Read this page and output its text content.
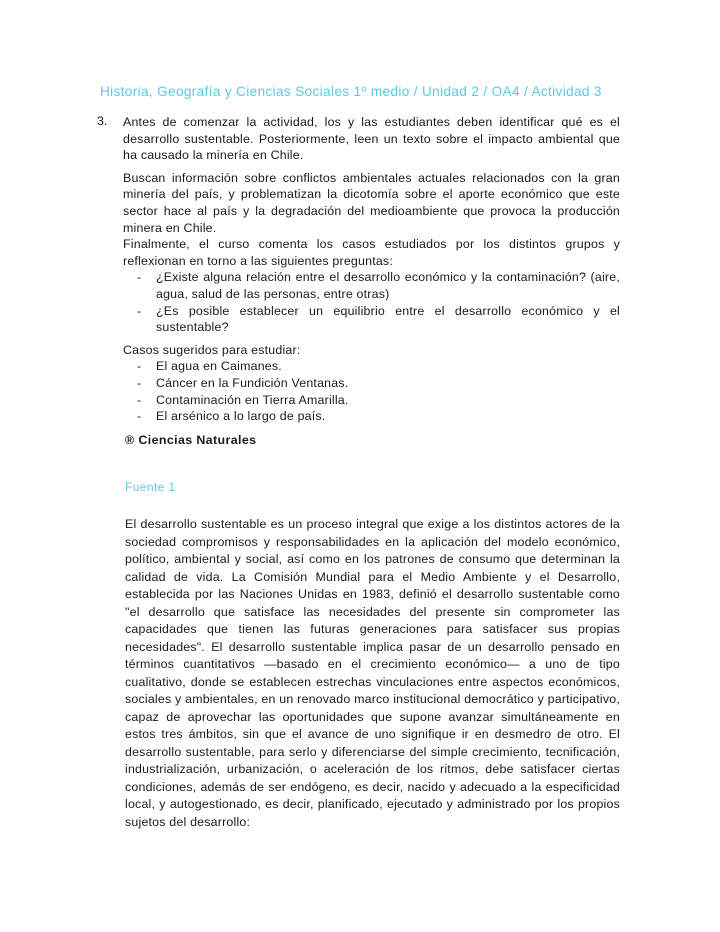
Historia, Geografía y Ciencias Sociales 1º medio / Unidad 2 / OA4 / Actividad 3
3. Antes de comenzar la actividad, los y las estudiantes deben identificar qué es el desarrollo sustentable. Posteriormente, leen un texto sobre el impacto ambiental que ha causado la minería en Chile.

Buscan información sobre conflictos ambientales actuales relacionados con la gran minería del país, y problematizan la dicotomía sobre el aporte económico que este sector hace al país y la degradación del medioambiente que provoca la producción minera en Chile.

Finalmente, el curso comenta los casos estudiados por los distintos grupos y reflexionan en torno a las siguientes preguntas:

- ¿Existe alguna relación entre el desarrollo económico y la contaminación? (aire, agua, salud de las personas, entre otras)
- ¿Es posible establecer un equilibrio entre el desarrollo económico y el sustentable?

Casos sugeridos para estudiar:

- El agua en Caimanes.
- Cáncer en la Fundición Ventanas.
- Contaminación en Tierra Amarilla.
- El arsénico a lo largo de país.
® Ciencias Naturales
Fuente 1

El desarrollo sustentable es un proceso integral que exige a los distintos actores de la sociedad compromisos y responsabilidades en la aplicación del modelo económico, político, ambiental y social, así como en los patrones de consumo que determinan la calidad de vida. La Comisión Mundial para el Medio Ambiente y el Desarrollo, establecida por las Naciones Unidas en 1983, definió el desarrollo sustentable como "el desarrollo que satisface las necesidades del presente sin comprometer las capacidades que tienen las futuras generaciones para satisfacer sus propias necesidades". El desarrollo sustentable implica pasar de un desarrollo pensado en términos cuantitativos —basado en el crecimiento económico— a uno de tipo cualitativo, donde se establecen estrechas vinculaciones entre aspectos económicos, sociales y ambientales, en un renovado marco institucional democrático y participativo, capaz de aprovechar las oportunidades que supone avanzar simultáneamente en estos tres ámbitos, sin que el avance de uno signifique ir en desmedro de otro. El desarrollo sustentable, para serlo y diferenciarse del simple crecimiento, tecnificación, industrialización, urbanización, o aceleración de los ritmos, debe satisfacer ciertas condiciones, además de ser endógeno, es decir, nacido y adecuado a la especificidad local, y autogestionado, es decir, planificado, ejecutado y administrado por los propios sujetos del desarrollo:
